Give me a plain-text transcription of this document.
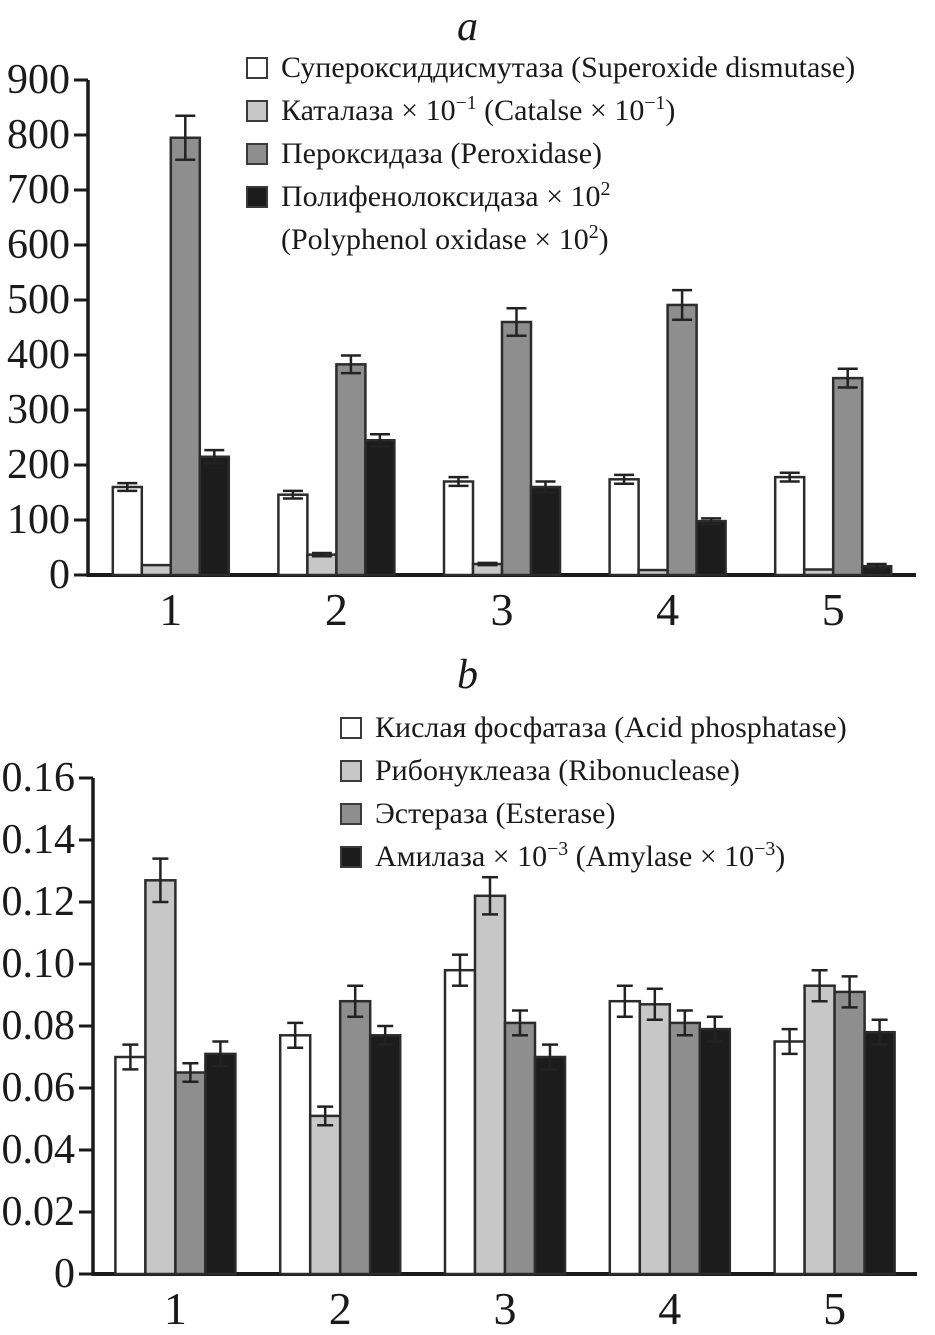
a
0
100
200
300
400
500
600
700
800
900
1	2	3	4	5
Супероксиддисмутаза (Superoxide dismutase)
Каталаза × $10^{-1}$ (Catalse × $10^{-1}$)
Пероксидаза (Peroxidase)
Полифенолоксидаза × $10^2$
(Polyphenol oxidase × $10^2$)
b
0
0.02
0.04
0.06
0.08
0.10
0.12
0.14
0.16
1	2	3	4	5
Кислая фосфатаза (Acid phosphatase)
Рибонуклеаза (Ribonuclease)
Эстераза (Esterase)
Амилаза × $10^{-3}$ (Amylase × $10^{-3}$)
